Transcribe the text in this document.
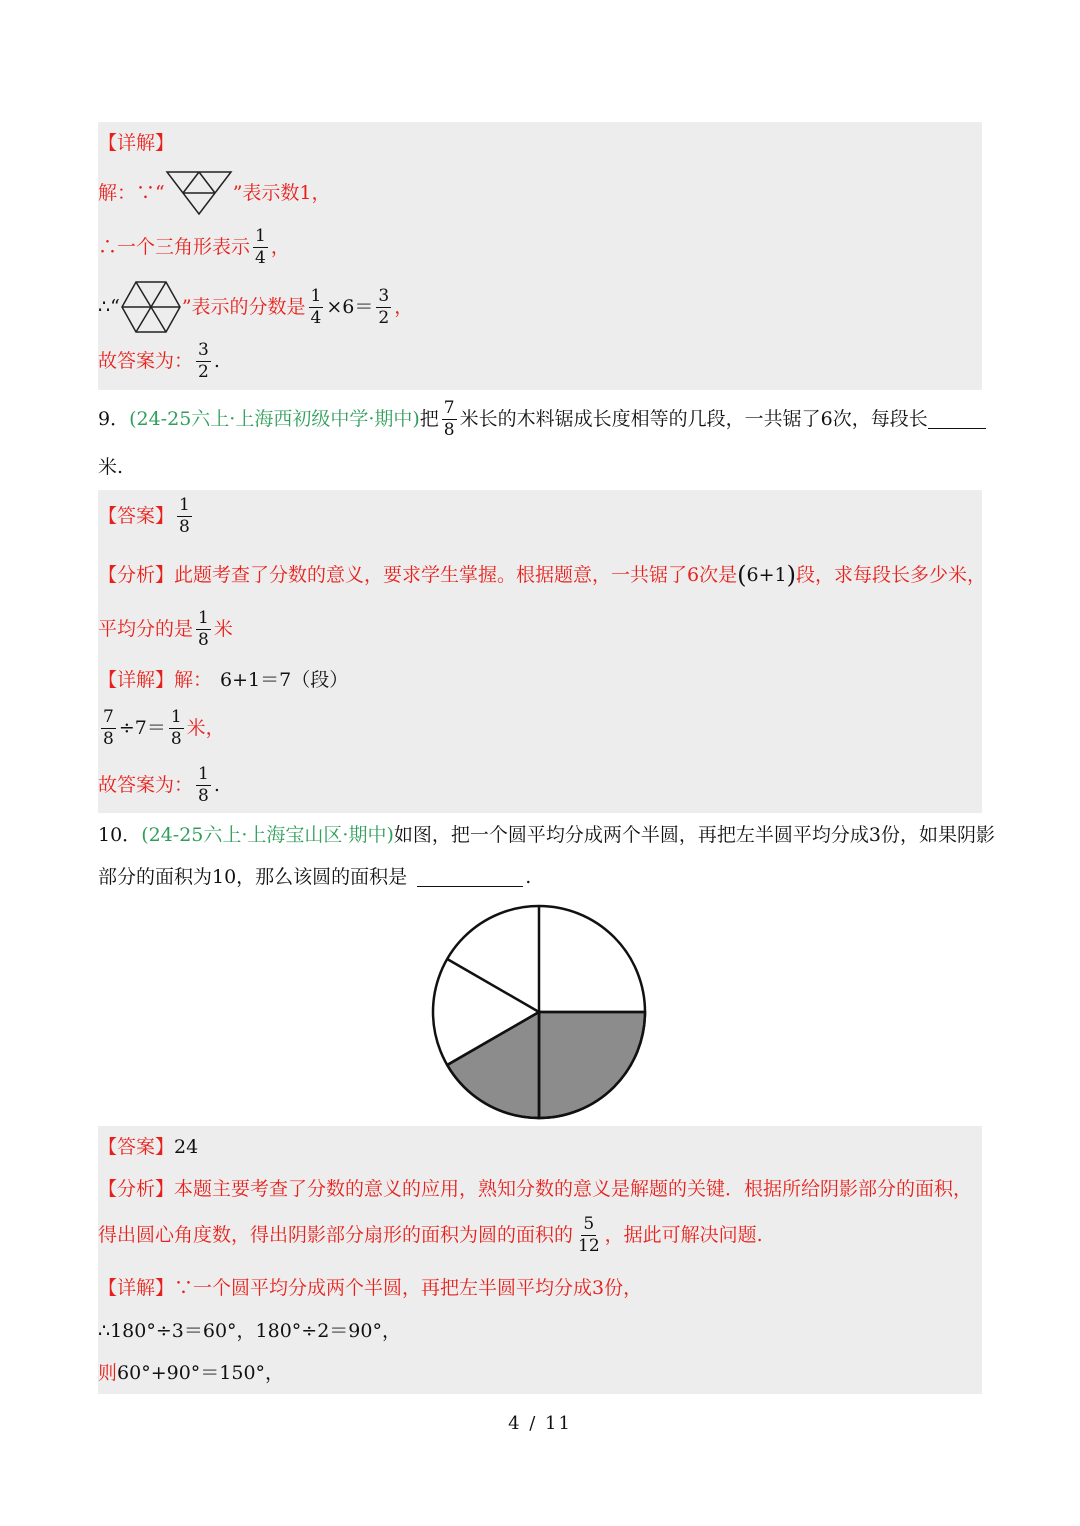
【详解】
解：∵“	”表示数1，
∴一个三角形表示 $\frac{1}{4}$ ，
∴“	”表示的分数是 $\frac{1}{4} \times 6= \frac{3}{2}$ ，
故答案为： $\frac{3}{2}$ .
9． (24-25六上·上海西初级中学·期中) 把 $\frac{7}{8}$ 米长的木料锯成长度相等的几段，一共锯了6次，每段长
米.
【答案】 $\frac{1}{8}$
【分析】 此题考查了分数的意义，要求学生掌握。根据题意，一共锯了6次是 ( 6+1 ) 段，求每段长多少米，
平均分的是 $\frac{1}{8}$ 米
【详解】 解： 6+1＝7（段）
$\frac{7}{8} \div 7= \frac{1}{8}$ 米，
故答案为： $\frac{1}{8}$ .
10． (24-25六上·上海宝山区·期中) 如图，把一个圆平均分成两个半圆，再把左半圆平均分成3份，如果阴影
部分的面积为10，那么该圆的面积是	.
【答案】 24
【分析】 本题主要考查了分数的意义的应用，熟知分数的意义是解题的关键．根据所给阴影部分的面积，
得出圆心角度数，得出阴影部分扇形的面积为圆的面积的 $\frac{5}{12}$ ，据此可解决问题.
【详解】 ∵一个圆平均分成两个半圆，再把左半圆平均分成3份，
∴180°÷3＝60°，180°÷2＝90°，
则 60°+90°＝150°，
4 / 11
